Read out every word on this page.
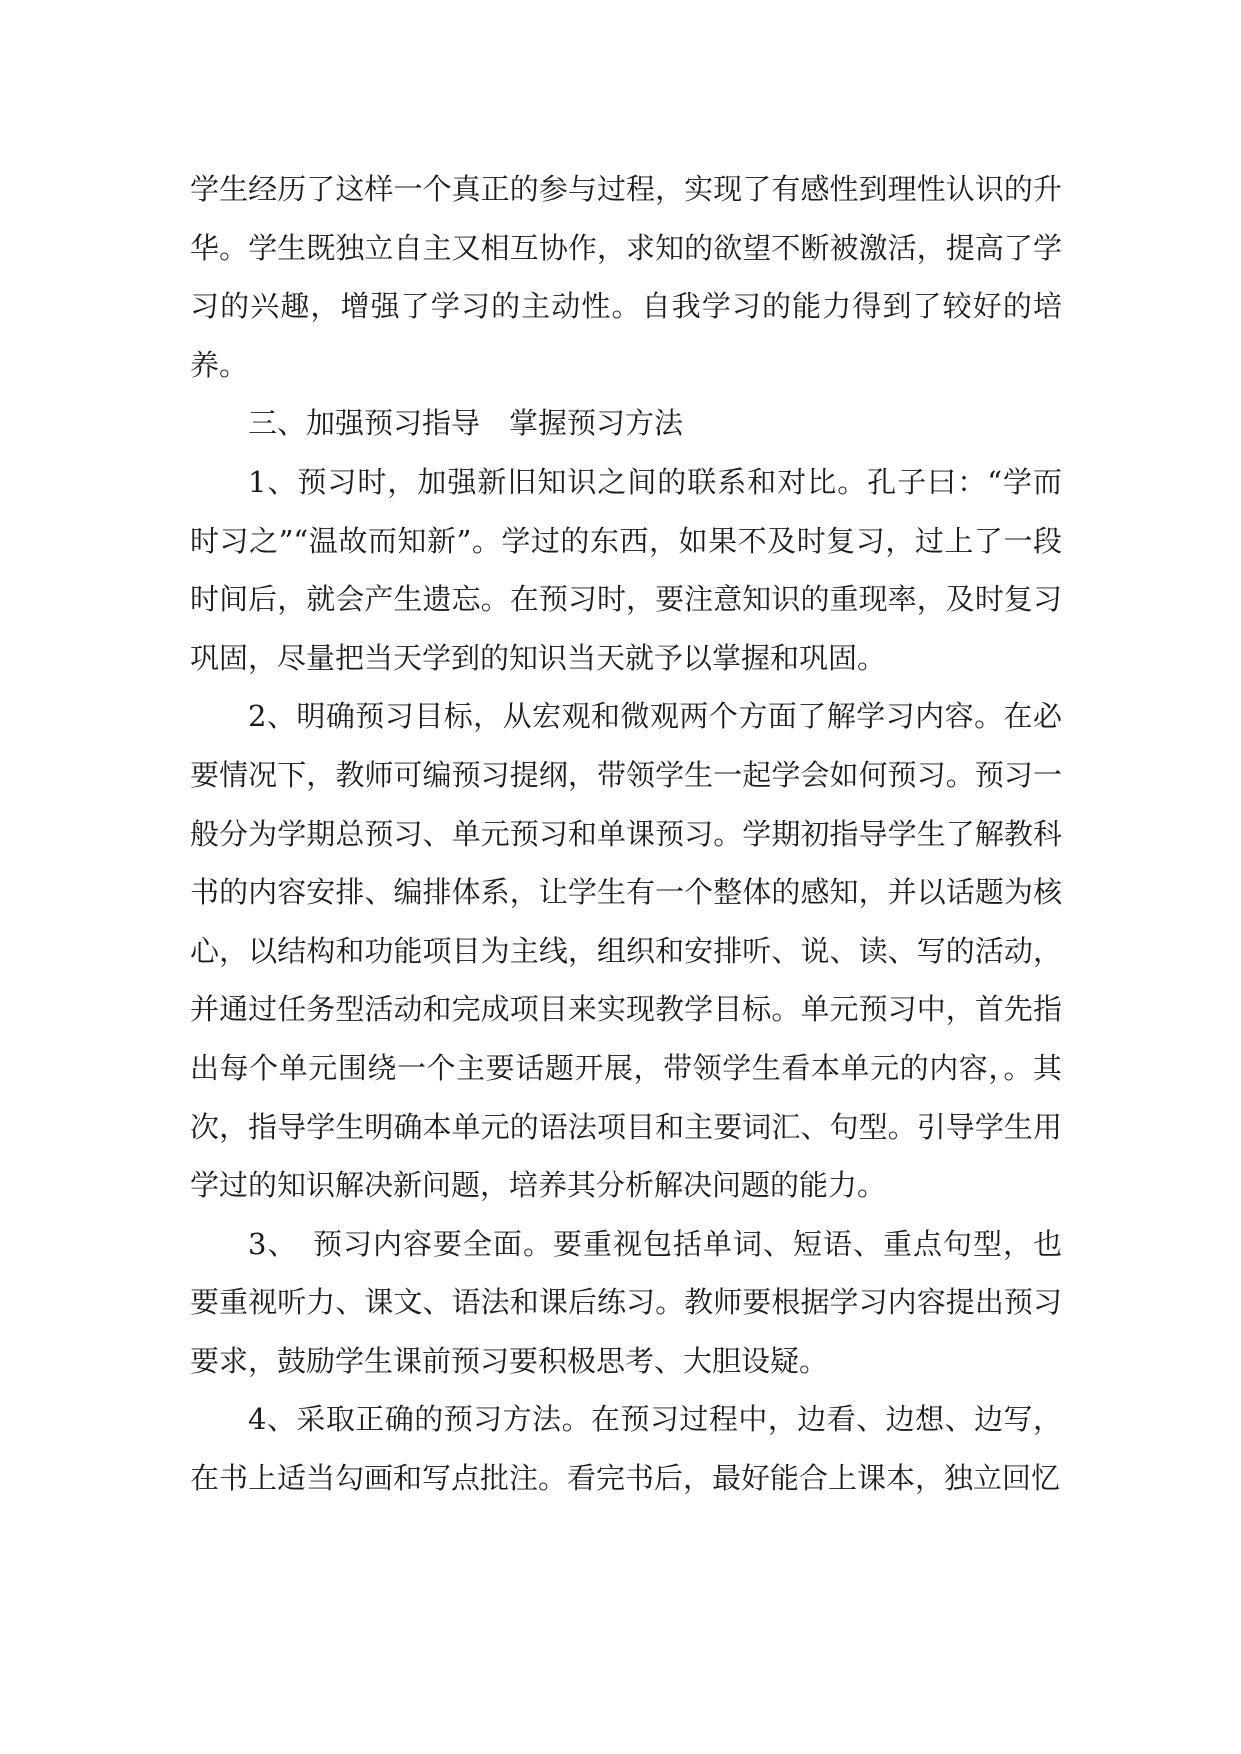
学生经历了这样一个真正的参与过程，实现了有感性到理性认识的升华。学生既独立自主又相互协作，求知的欲望不断被激活，提高了学习的兴趣，增强了学习的主动性。自我学习的能力得到了较好的培养。

三、加强预习指导　掌握预习方法

1、预习时，加强新旧知识之间的联系和对比。孔子曰：“学而时习之”“温故而知新”。学过的东西，如果不及时复习，过上了一段时间后，就会产生遗忘。在预习时，要注意知识的重现率，及时复习巩固，尽量把当天学到的知识当天就予以掌握和巩固。

2、明确预习目标，从宏观和微观两个方面了解学习内容。在必要情况下，教师可编预习提纲，带领学生一起学会如何预习。预习一般分为学期总预习、单元预习和单课预习。学期初指导学生了解教科书的内容安排、编排体系，让学生有一个整体的感知，并以话题为核心，以结构和功能项目为主线，组织和安排听、说、读、写的活动，并通过任务型活动和完成项目来实现教学目标。单元预习中，首先指出每个单元围绕一个主要话题开展，带领学生看本单元的内容，。其次，指导学生明确本单元的语法项目和主要词汇、句型。引导学生用学过的知识解决新问题，培养其分析解决问题的能力。

3、　预习内容要全面。要重视包括单词、短语、重点句型，也要重视听力、课文、语法和课后练习。教师要根据学习内容提出预习要求，鼓励学生课前预习要积极思考、大胆设疑。

4、采取正确的预习方法。在预习过程中，边看、边想、边写，在书上适当勾画和写点批注。看完书后，最好能合上课本，独立回忆
